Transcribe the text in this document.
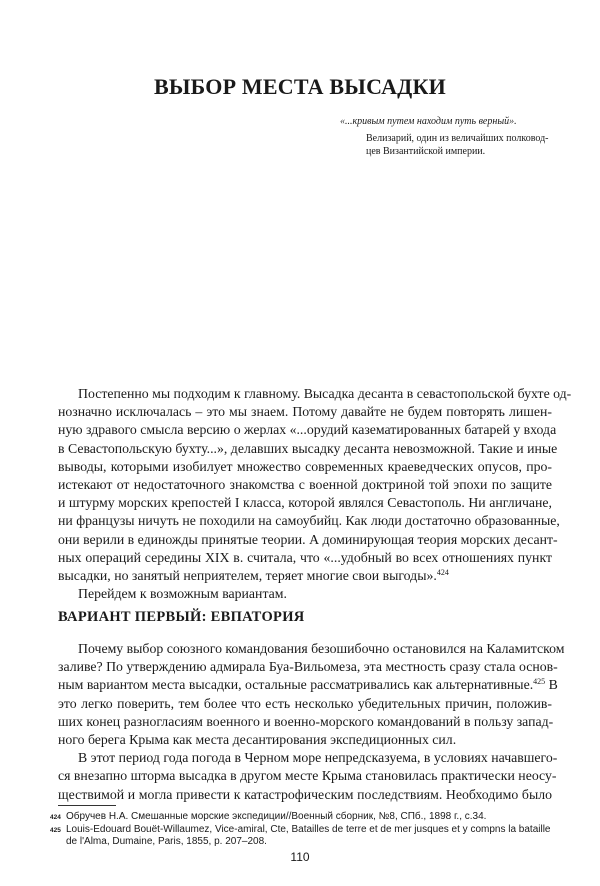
ВЫБОР МЕСТА ВЫСАДКИ
«...кривым путем находим путь верный».
Велизарий, один из величайших полковод-
цев Византийской империи.
Постепенно мы подходим к главному. Высадка десанта в севастопольской бухте од-
нозначно исключалась – это мы знаем. Потому давайте не будем повторять лишен-
ную здравого смысла версию о жерлах «...орудий казематированных батарей у входа
в Севастопольскую бухту...», делавших высадку десанта невозможной. Такие и иные
выводы, которыми изобилует множество современных краеведческих опусов, про-
истекают от недостаточного знакомства с военной доктриной той эпохи по защите
и штурму морских крепостей I класса, которой являлся Севастополь. Ни англичане,
ни французы ничуть не походили на самоубийц. Как люди достаточно образованные,
они верили в единожды принятые теории. А доминирующая теория морских десант-
ных операций середины XIX в. считала, что «...удобный во всех отношениях пункт
высадки, но занятый неприятелем, теряет многие свои выгоды».$^{424}$
Перейдем к возможным вариантам.
ВАРИАНТ ПЕРВЫЙ: ЕВПАТОРИЯ
Почему выбор союзного командования безошибочно остановился на Каламитском
заливе? По утверждению адмирала Буа-Вильомеза, эта местность сразу стала основ-
ным вариантом места высадки, остальные рассматривались как альтернативные.$^{425}$ В
это легко поверить, тем более что есть несколько убедительных причин, положив-
ших конец разногласиям военного и военно-морского командований в пользу запад-
ного берега Крыма как места десантирования экспедиционных сил.
В этот период года погода в Черном море непредсказуема, в условиях начавшего-
ся внезапно шторма высадка в другом месте Крыма становилась практически неосу-
ществимой и могла привести к катастрофическим последствиям. Необходимо было
424 Обручев Н.А. Смешанные морские экспедиции//Военный сборник, №8, СПб., 1898 г., с.34.
425 Louis-Edouard Bouët-Willaumez, Vice-amiral, Cte, Batailles de terre et de mer jusques et y compns la bataille de l'Alma, Dumaine, Paris, 1855, p. 207–208.
110
